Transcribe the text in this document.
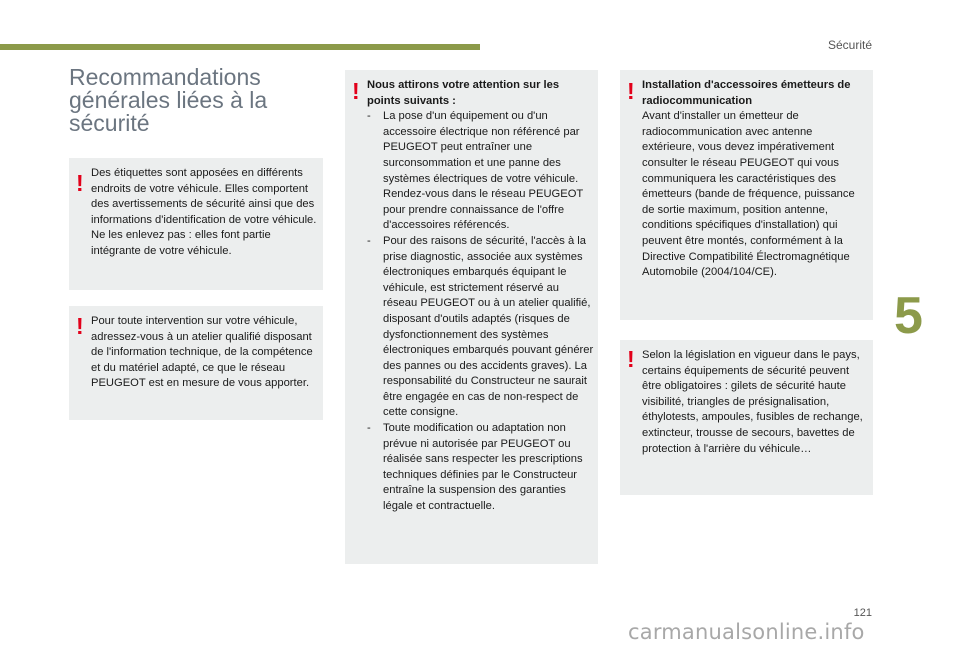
Sécurité
Recommandations générales liées à la sécurité
! Des étiquettes sont apposées en différents endroits de votre véhicule. Elles comportent des avertissements de sécurité ainsi que des informations d'identification de votre véhicule. Ne les enlevez pas : elles font partie intégrante de votre véhicule.

! Pour toute intervention sur votre véhicule, adressez-vous à un atelier qualifié disposant de l'information technique, de la compétence et du matériel adapté, ce que le réseau PEUGEOT est en mesure de vous apporter.

! Nous attirons votre attention sur les points suivants :

- La pose d'un équipement ou d'un accessoire électrique non référencé par PEUGEOT peut entraîner une surconsommation et une panne des systèmes électriques de votre véhicule. Rendez-vous dans le réseau PEUGEOT pour prendre connaissance de l'offre d'accessoires référencés.
- Pour des raisons de sécurité, l'accès à la prise diagnostic, associée aux systèmes électroniques embarqués équipant le véhicule, est strictement réservé au réseau PEUGEOT ou à un atelier qualifié, disposant d'outils adaptés (risques de dysfonctionnement des systèmes électroniques embarqués pouvant générer des pannes ou des accidents graves). La responsabilité du Constructeur ne saurait être engagée en cas de non-respect de cette consigne.
- Toute modification ou adaptation non prévue ni autorisée par PEUGEOT ou réalisée sans respecter les prescriptions techniques définies par le Constructeur entraîne la suspension des garanties légale et contractuelle.
! Installation d'accessoires émetteurs de radiocommunication

Avant d'installer un émetteur de radiocommunication avec antenne extérieure, vous devez impérativement consulter le réseau PEUGEOT qui vous communiquera les caractéristiques des émetteurs (bande de fréquence, puissance de sortie maximum, position antenne, conditions spécifiques d'installation) qui peuvent être montés, conformément à la Directive Compatibilité Électromagnétique Automobile (2004/104/CE).

! Selon la législation en vigueur dans le pays, certains équipements de sécurité peuvent être obligatoires : gilets de sécurité haute visibilité, triangles de présignalisation, éthylotests, ampoules, fusibles de rechange, extincteur, trousse de secours, bavettes de protection à l'arrière du véhicule…

5
121
carmanualsonline.info
